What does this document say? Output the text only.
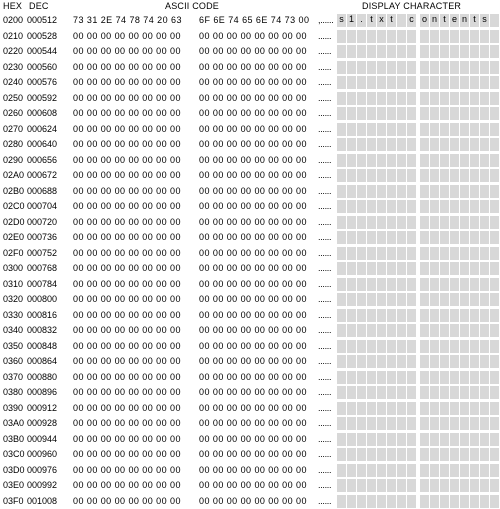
HEX DEC	ASCII CODE	DISPLAY CHARACTER
0200 000512 73 31 2E 74 78 74 20 63 6F 6E 74 65 6E 74 73 00 ,...... s 1 . t x t	c o n t e n t s
0210 000528 00 00 00 00 00 00 00 00 00 00 00 00 00 00 00 00 ......
0220 000544 00 00 00 00 00 00 00 00 00 00 00 00 00 00 00 00 ......
0230 000560 00 00 00 00 00 00 00 00 00 00 00 00 00 00 00 00 ......
0240 000576 00 00 00 00 00 00 00 00 00 00 00 00 00 00 00 00 ......
0250 000592 00 00 00 00 00 00 00 00 00 00 00 00 00 00 00 00 ......
0260 000608 00 00 00 00 00 00 00 00 00 00 00 00 00 00 00 00 ......
0270 000624 00 00 00 00 00 00 00 00 00 00 00 00 00 00 00 00 ......
0280 000640 00 00 00 00 00 00 00 00 00 00 00 00 00 00 00 00 ......
0290 000656 00 00 00 00 00 00 00 00 00 00 00 00 00 00 00 00 ......
02A0 000672 00 00 00 00 00 00 00 00 00 00 00 00 00 00 00 00 ......
02B0 000688 00 00 00 00 00 00 00 00 00 00 00 00 00 00 00 00 ......
02C0 000704 00 00 00 00 00 00 00 00 00 00 00 00 00 00 00 00 ......
02D0 000720 00 00 00 00 00 00 00 00 00 00 00 00 00 00 00 00 ......
02E0 000736 00 00 00 00 00 00 00 00 00 00 00 00 00 00 00 00 ......
02F0 000752 00 00 00 00 00 00 00 00 00 00 00 00 00 00 00 00 ......
0300 000768 00 00 00 00 00 00 00 00 00 00 00 00 00 00 00 00 ......
0310 000784 00 00 00 00 00 00 00 00 00 00 00 00 00 00 00 00 ......
0320 000800 00 00 00 00 00 00 00 00 00 00 00 00 00 00 00 00 ......
0330 000816 00 00 00 00 00 00 00 00 00 00 00 00 00 00 00 00 ......
0340 000832 00 00 00 00 00 00 00 00 00 00 00 00 00 00 00 00 ......
0350 000848 00 00 00 00 00 00 00 00 00 00 00 00 00 00 00 00 ......
0360 000864 00 00 00 00 00 00 00 00 00 00 00 00 00 00 00 00 ......
0370 000880 00 00 00 00 00 00 00 00 00 00 00 00 00 00 00 00 ......
0380 000896 00 00 00 00 00 00 00 00 00 00 00 00 00 00 00 00 ......
0390 000912 00 00 00 00 00 00 00 00 00 00 00 00 00 00 00 00 ......
03A0 000928 00 00 00 00 00 00 00 00 00 00 00 00 00 00 00 00 ......
03B0 000944 00 00 00 00 00 00 00 00 00 00 00 00 00 00 00 00 ......
03C0 000960 00 00 00 00 00 00 00 00 00 00 00 00 00 00 00 00 ......
03D0 000976 00 00 00 00 00 00 00 00 00 00 00 00 00 00 00 00 ......
03E0 000992 00 00 00 00 00 00 00 00 00 00 00 00 00 00 00 00 ......
03F0 001008 00 00 00 00 00 00 00 00 00 00 00 00 00 00 00 00 ......
